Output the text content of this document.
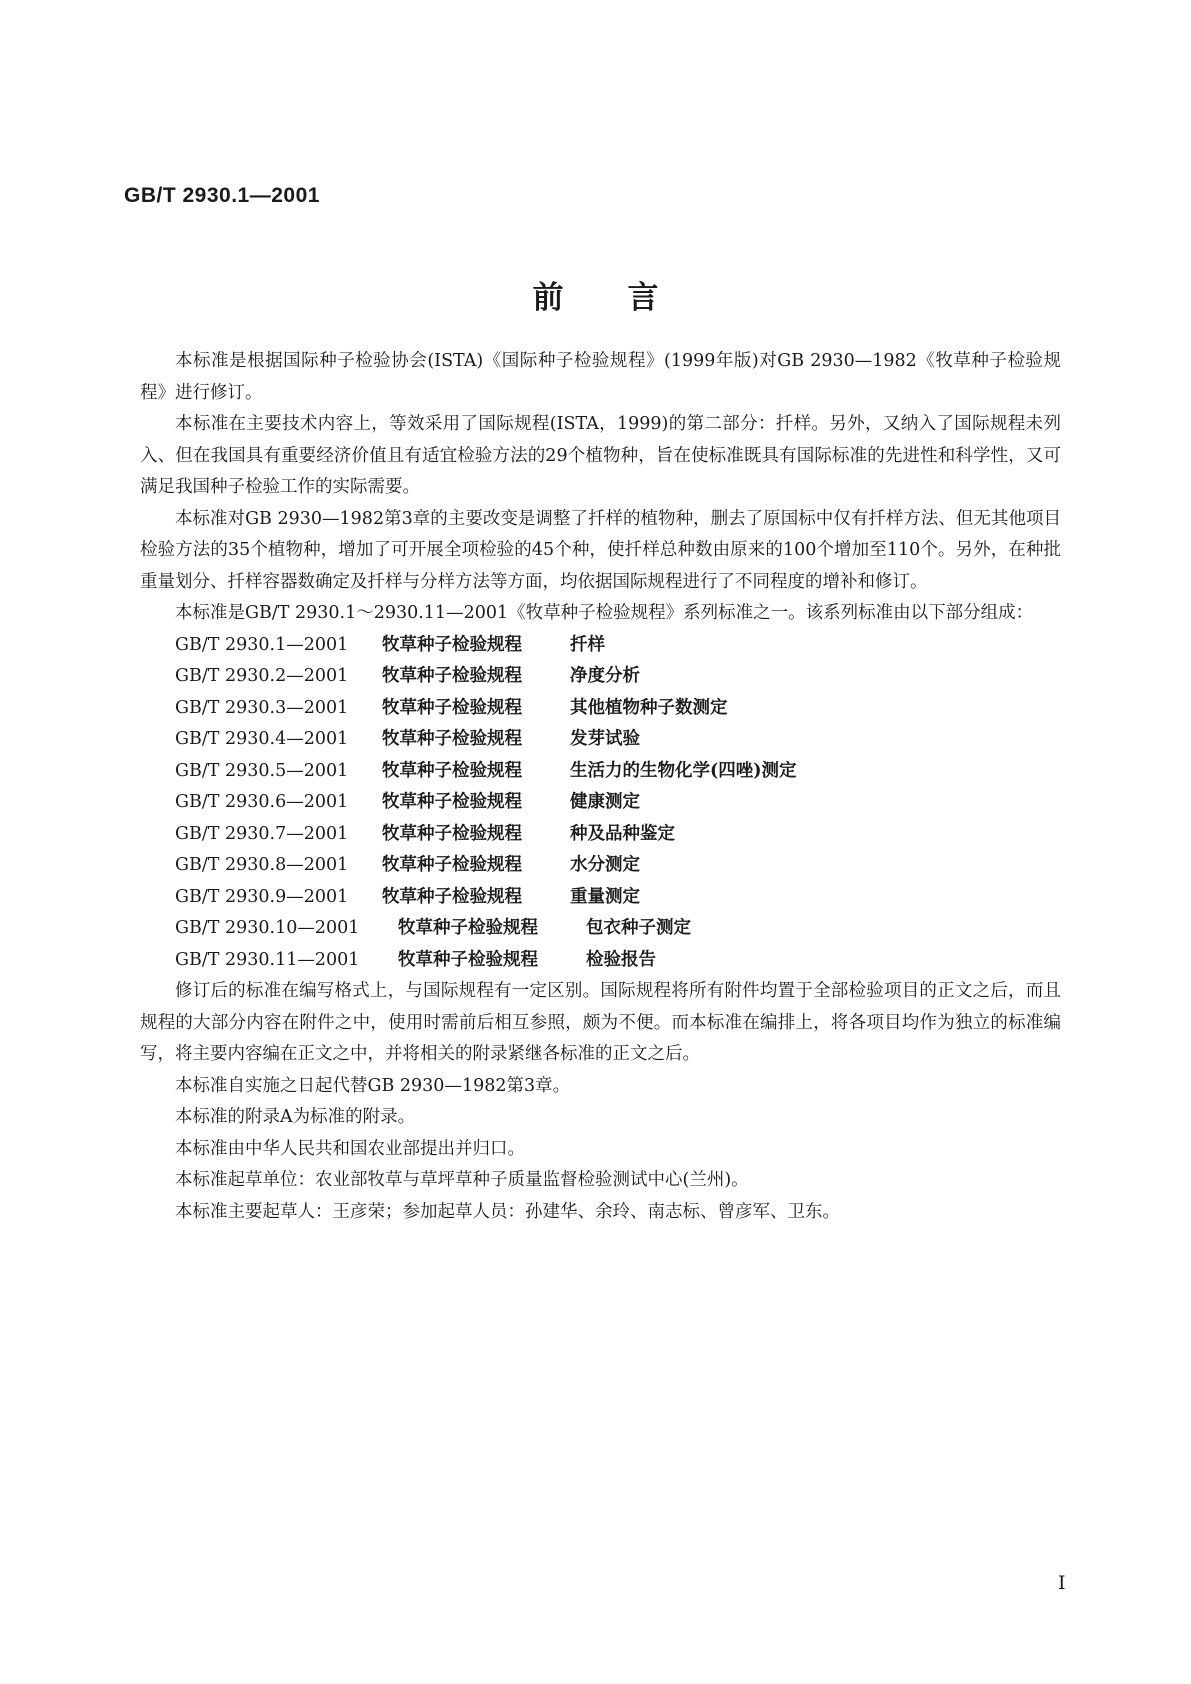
GB/T 2930.1—2001
前言

本标准是根据国际种子检验协会(ISTA)《国际种子检验规程》(1999年版)对GB 2930—1982《牧草种子检验规程》进行修订。

本标准在主要技术内容上，等效采用了国际规程(ISTA，1999)的第二部分：扦样。另外，又纳入了国际规程未列入、但在我国具有重要经济价值且有适宜检验方法的29个植物种，旨在使标准既具有国际标准的先进性和科学性，又可满足我国种子检验工作的实际需要。

本标准对GB 2930—1982第3章的主要改变是调整了扦样的植物种，删去了原国标中仅有扦样方法、但无其他项目检验方法的35个植物种，增加了可开展全项检验的45个种，使扦样总种数由原来的100个增加至110个。另外，在种批重量划分、扦样容器数确定及扦样与分样方法等方面，均依据国际规程进行了不同程度的增补和修订。

本标准是GB/T 2930.1～2930.11—2001《牧草种子检验规程》系列标准之一。该系列标准由以下部分组成：

GB/T 2930.1—2001	牧草种子检验规程	扦样
GB/T 2930.2—2001	牧草种子检验规程	净度分析
GB/T 2930.3—2001	牧草种子检验规程	其他植物种子数测定
GB/T 2930.4—2001	牧草种子检验规程	发芽试验
GB/T 2930.5—2001	牧草种子检验规程	生活力的生物化学(四唑)测定
GB/T 2930.6—2001	牧草种子检验规程	健康测定
GB/T 2930.7—2001	牧草种子检验规程	种及品种鉴定
GB/T 2930.8—2001	牧草种子检验规程	水分测定
GB/T 2930.9—2001	牧草种子检验规程	重量测定
GB/T 2930.10—2001	牧草种子检验规程	包衣种子测定
GB/T 2930.11—2001	牧草种子检验规程	检验报告

修订后的标准在编写格式上，与国际规程有一定区别。国际规程将所有附件均置于全部检验项目的正文之后，而且规程的大部分内容在附件之中，使用时需前后相互参照，颇为不便。而本标准在编排上，将各项目均作为独立的标准编写，将主要内容编在正文之中，并将相关的附录紧继各标准的正文之后。

本标准自实施之日起代替GB 2930—1982第3章。

本标准的附录A为标准的附录。

本标准由中华人民共和国农业部提出并归口。

本标准起草单位：农业部牧草与草坪草种子质量监督检验测试中心(兰州)。

本标准主要起草人：王彦荣；参加起草人员：孙建华、余玲、南志标、曾彦军、卫东。

I
